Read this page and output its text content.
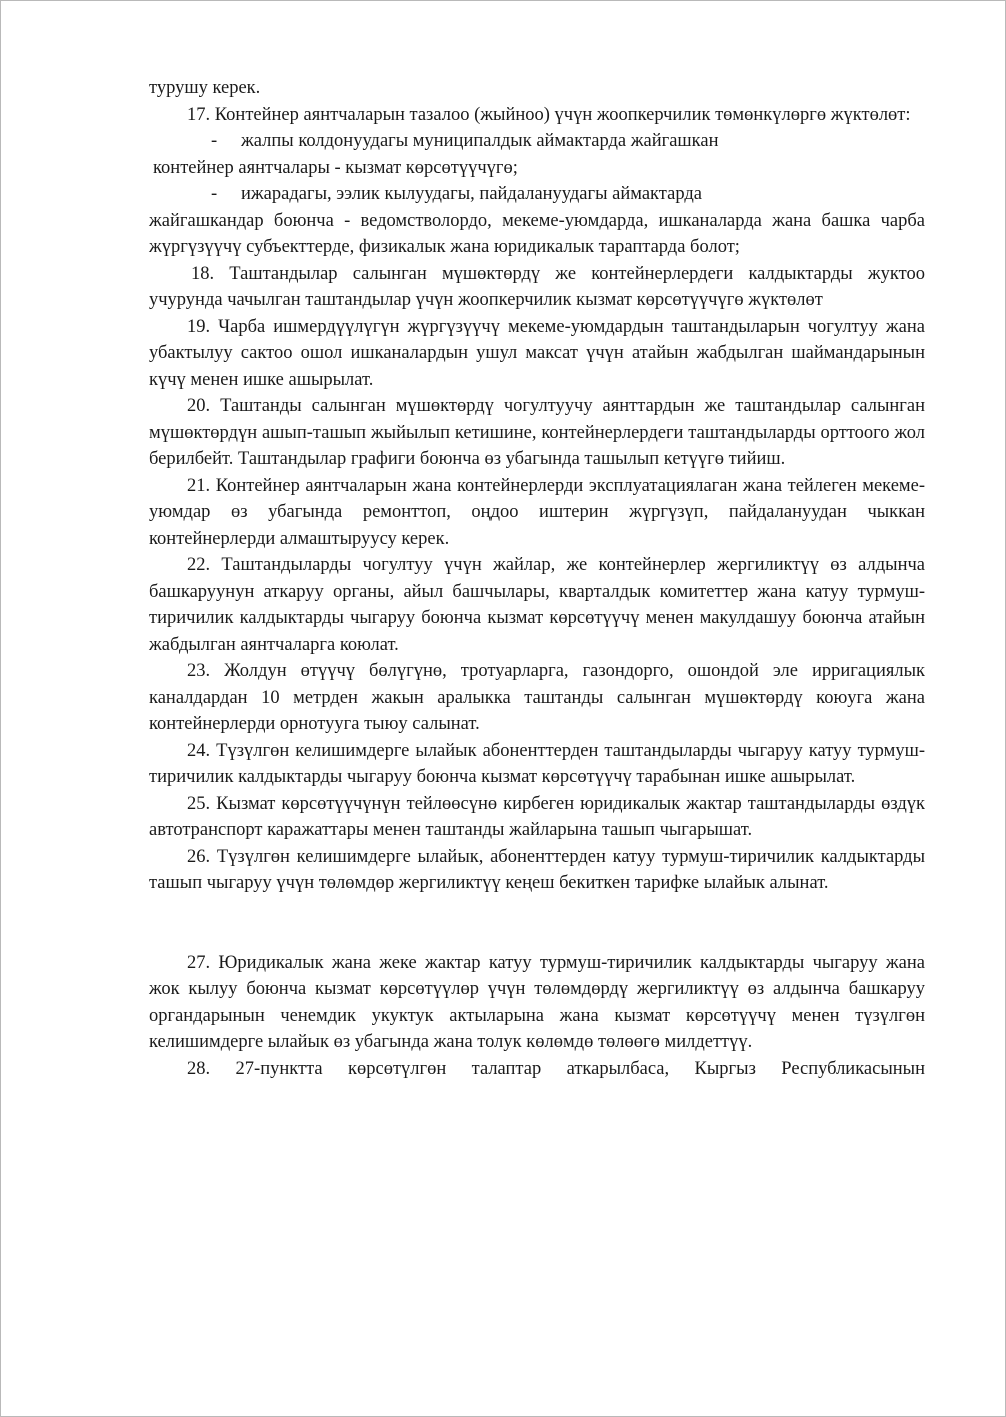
турушу керек.

17. Контейнер аянтчаларын тазалоо (жыйноо) үчүн жоопкерчилик төмөнкүлөргө жүктөлөт:

- жалпы колдонуудагы муниципалдык аймактарда жайгашкан

контейнер аянтчалары - кызмат көрсөтүүчүгө;

- ижарадагы, ээлик кылуудагы, пайдалануудагы аймактарда

жайгашкандар боюнча - ведомстволордо, мекеме-уюмдарда, ишканаларда жана башка чарба жүргүзүүчү субъекттерде, физикалык жана юридикалык тараптарда болот;

18. Таштандылар салынган мүшөктөрдү же контейнерлердеги калдыктарды жуктоо учурунда чачылган таштандылар үчүн жоопкерчилик кызмат көрсөтүүчүгө жүктөлөт

19. Чарба ишмердүүлүгүн жүргүзүүчү мекеме-уюмдардын таштандыларын чогултуу жана убактылуу сактоо ошол ишканалардын ушул максат үчүн атайын жабдылган шаймандарынын күчү менен ишке ашырылат.

20. Таштанды салынган мүшөктөрдү чогултуучу аянттардын же таштандылар салынган мүшөктөрдүн ашып-ташып жыйылып кетишине, контейнерлердеги таштандыларды орттоого жол берилбейт. Таштандылар графиги боюнча өз убагында ташылып кетүүгө тийиш.

21. Контейнер аянтчаларын жана контейнерлерди эксплуатациялаган жана тейлеген мекеме-уюмдар өз убагында ремонттоп, оңдоо иштерин жүргүзүп, пайдалануудан чыккан контейнерлерди алмаштыруусу керек.

22. Таштандыларды чогултуу үчүн жайлар, же контейнерлер жергиликтүү өз алдынча башкаруунун аткаруу органы, айыл башчылары, кварталдык комитеттер жана катуу турмуш-тиричилик калдыктарды чыгаруу боюнча кызмат көрсөтүүчү менен макулдашуу боюнча атайын жабдылган аянтчаларга коюлат.

23. Жолдун өтүүчү бөлүгүнө, тротуарларга, газондорго, ошондой эле ирригациялык каналдардан 10 метрден жакын аралыкка таштанды салынган мүшөктөрдү коюуга жана контейнерлерди орнотууга тыюу салынат.

24. Түзүлгөн келишимдерге ылайык абоненттерден таштандыларды чыгаруу катуу турмуш-тиричилик калдыктарды чыгаруу боюнча кызмат көрсөтүүчү тарабынан ишке ашырылат.

25. Кызмат көрсөтүүчүнүн тейлөөсүнө кирбеген юридикалык жактар таштандыларды өздүк автотранспорт каражаттары менен таштанды жайларына ташып чыгарышат.

26. Түзүлгөн келишимдерге ылайык, абоненттерден катуу турмуш-тиричилик калдыктарды ташып чыгаруу үчүн төлөмдөр жергиликтүү кеңеш бекиткен тарифке ылайык алынат.

27. Юридикалык жана жеке жактар катуу турмуш-тиричилик калдыктарды чыгаруу жана жок кылуу боюнча кызмат көрсөтүүлөр үчүн төлөмдөрдү жергиликтүү өз алдынча башкаруу органдарынын ченемдик укуктук актыларына жана кызмат көрсөтүүчү менен түзүлгөн келишимдерге ылайык өз убагында жана толук көлөмдө төлөөгө милдеттүү.

28. 27-пунктта көрсөтүлгөн талаптар аткарылбаса, Кыргыз Республикасынын
